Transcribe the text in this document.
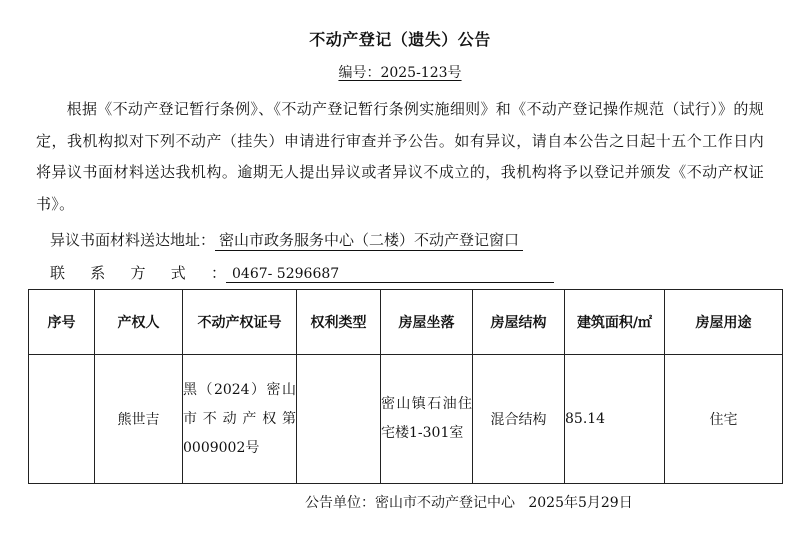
不动产登记（遗失）公告
编号：2025-123号
  根据《不动产登记暂行条例》、《不动产登记暂行条例实施细则》和《不动产登记操作规范（试行）》的规定，我机构拟对下列不动产（挂失）申请进行审查并予公告。如有异议，请自本公告之日起十五个工作日内将异议书面材料送达我机构。逾期无人提出异议或者异议不成立的，我机构将予以登记并颁发《不动产权证书》。
异议书面材料送达地址： 密山市政务服务中心（二楼）不动产登记窗口
联系方式： 0467- 5296687
序号	产权人	不动产权证号	权利类型	房屋坐落	房屋结构	建筑面积/㎡	房屋用途
	熊世吉	黑（2024）密山市不动产权第0009002号		密山镇石油住宅楼1-301室	混合结构	85.14	住宅
公告单位：密山市不动产登记中心   2025年5月29日
